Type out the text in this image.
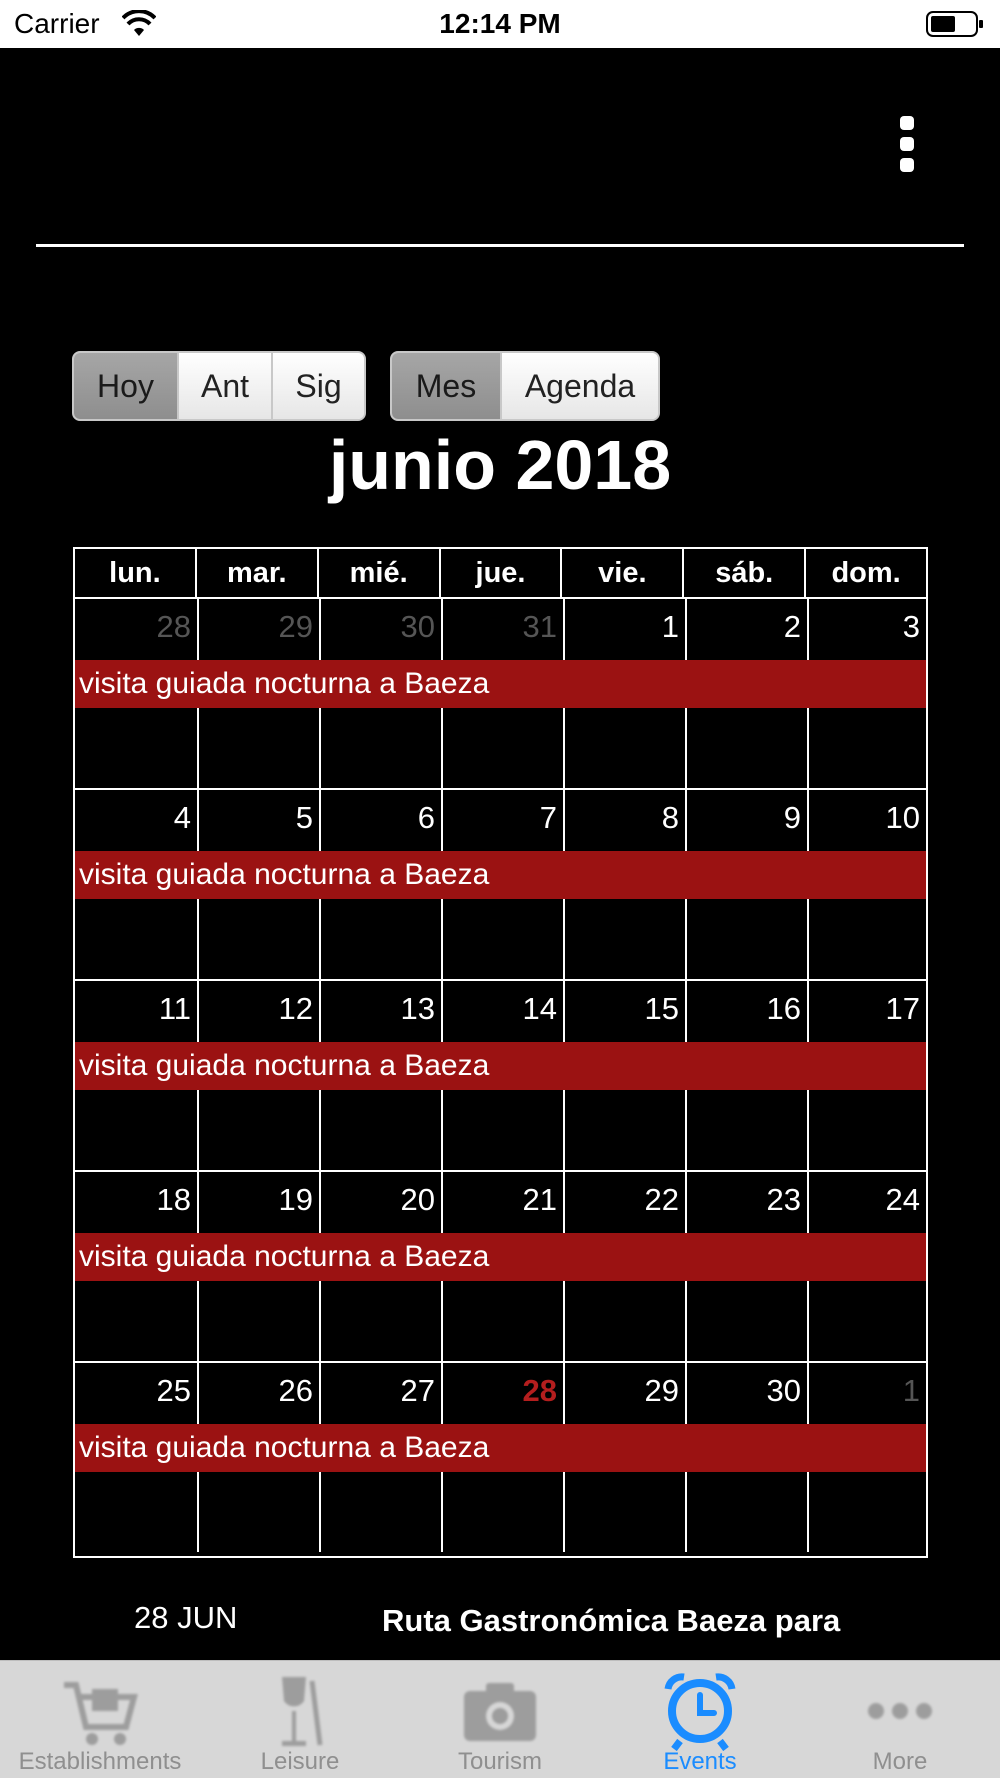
Carrier	12:14 PM
Hoy	Ant	Sig	Mes	Agenda
junio 2018
lun.	mar.	mié.	jue.	vie.	sáb.	dom.
28	29	30	31	1	2	3
visita guiada nocturna a Baeza
4	5	6	7	8	9	10
visita guiada nocturna a Baeza
11	12	13	14	15	16	17
visita guiada nocturna a Baeza
18	19	20	21	22	23	24
visita guiada nocturna a Baeza
25	26	27	28	29	30	1
visita guiada nocturna a Baeza
28 JUN	Ruta Gastronómica Baeza para
Establishments	Leisure	Tourism	Events	More
